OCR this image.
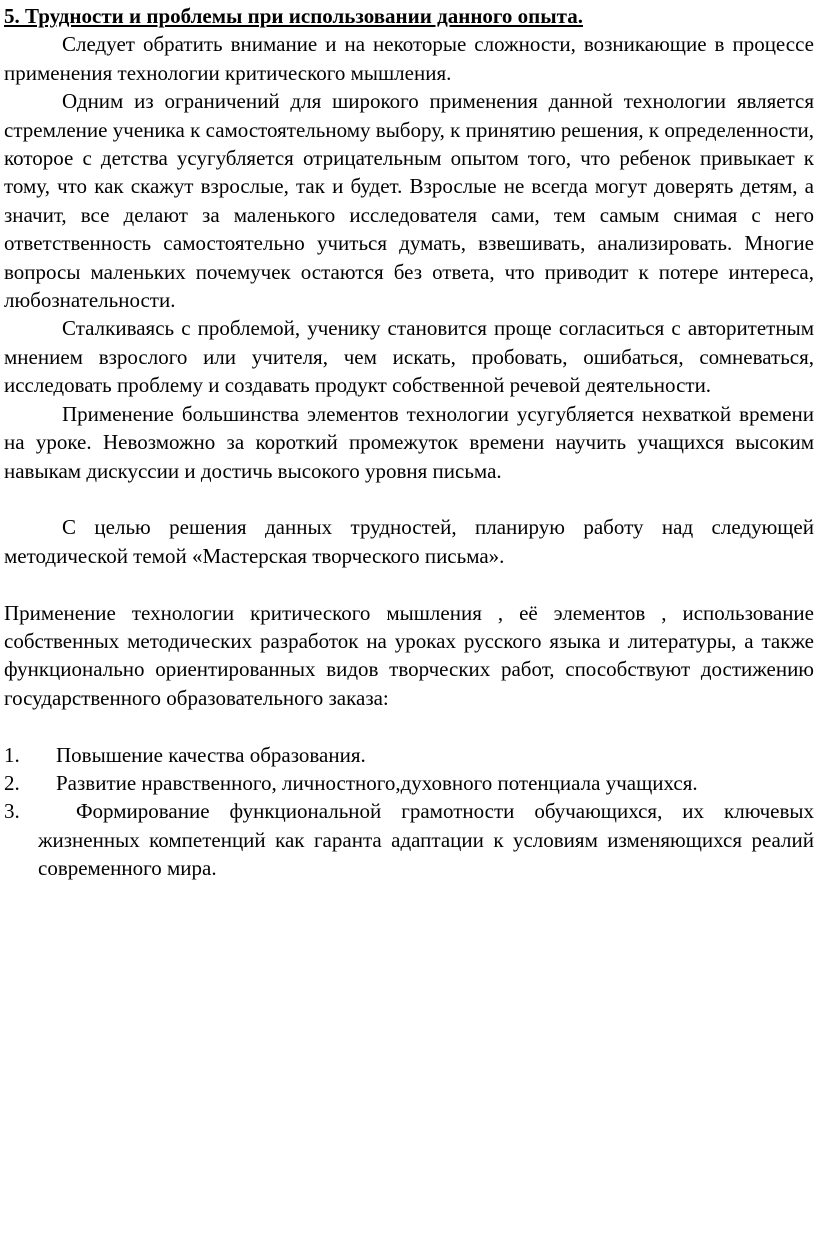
5. Трудности и проблемы при использовании данного опыта.

Следует обратить внимание и на некоторые сложности, возникающие в процессе применения технологии критического мышления.

Одним из ограничений для широкого применения данной технологии является стремление ученика к самостоятельному выбору, к принятию решения, к определенности, которое с детства усугубляется отрицательным опытом того, что ребенок привыкает к тому, что как скажут взрослые, так и будет. Взрослые не всегда могут доверять детям, а значит, все делают за маленького исследователя сами, тем самым снимая с него ответственность самостоятельно учиться думать, взвешивать, анализировать. Многие вопросы маленьких почемучек остаются без ответа, что приводит к потере интереса, любознательности.

Сталкиваясь с проблемой, ученику становится проще согласиться с авторитетным мнением взрослого или учителя, чем искать, пробовать, ошибаться, сомневаться, исследовать проблему и создавать продукт собственной речевой деятельности.

Применение большинства элементов технологии усугубляется нехваткой времени на уроке. Невозможно за короткий промежуток времени научить учащихся высоким навыкам дискуссии и достичь высокого уровня письма.

С целью решения данных трудностей, планирую работу над следующей методической темой «Мастерская творческого письма».

Применение технологии критического мышления , её элементов , использование собственных методических разработок на уроках русского языка и литературы, а также функционально ориентированных видов творческих работ, способствуют достижению государственного образовательного заказа:

1.	Повышение качества образования.
2.	Развитие нравственного, личностного,духовного потенциала учащихся.
3. Формирование функциональной грамотности обучающихся, их ключевых жизненных компетенций как гаранта адаптации к условиям изменяющихся реалий современного мира.
